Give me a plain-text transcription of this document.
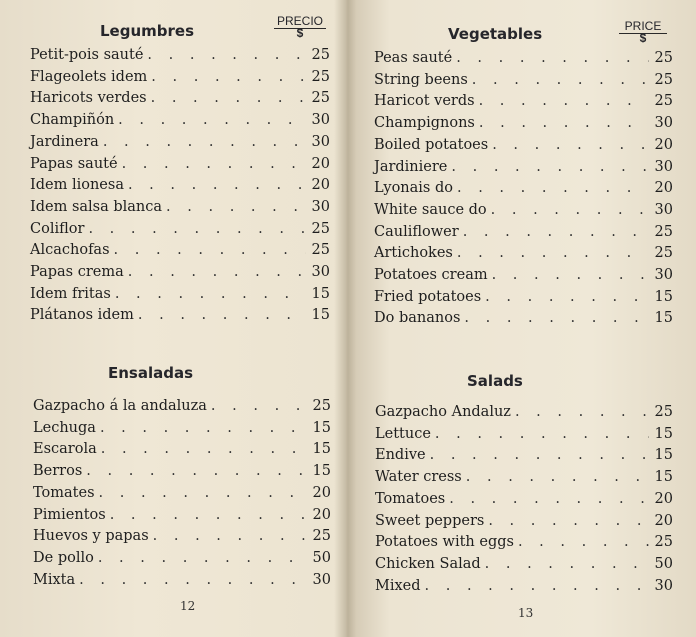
Legumbres
PRECIO
$
Petit-pois sauté . . .	25
Flageolets idem . . .	25
Haricots verdes . . .	25
Champiñón . . .	30
Jardinera . . .	30
Papas sauté . . .	20
Idem lionesa . . .	20
Idem salsa blanca . . .	30
Coliflor . . .	25
Alcachofas . . .	25
Papas crema . . .	30
Idem fritas . . .	15
Plátanos idem . . .	15
Ensaladas
Gazpacho á la andaluza . . .	25
Lechuga . . .	15
Escarola . . .	15
Berros . . .	15
Tomates . . .	20
Pimientos . . .	20
Huevos y papas . . .	25
De pollo . . .	50
Mixta . . .	30
12
Vegetables	PRICE
$
Peas sauté . . .	25
String beens . . .	25
Haricot verds . . .	25
Champignons . . .	30
Boiled potatoes . . .	20
Jardiniere . . .	30
Lyonais do . . .	20
White sauce do . . .	30
Cauliflower . . .	25
Artichokes . . .	25
Potatoes cream . . .	30
Fried potatoes . . .	15
Do bananos . . .	15
Salads
Gazpacho Andaluz . . .	25
Lettuce . . .	15
Endive . . .	15
Water cress . . .	15
Tomatoes . . .	20
Sweet peppers . . .	20
Potatoes with eggs . . .	25
Chicken Salad . . .	50
Mixed . . .	30
13
